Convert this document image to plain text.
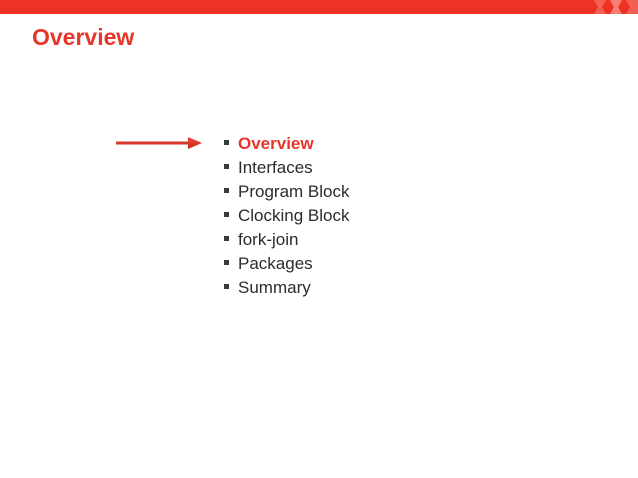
Overview
Overview
Interfaces
Program Block
Clocking Block
fork-join
Packages
Summary
